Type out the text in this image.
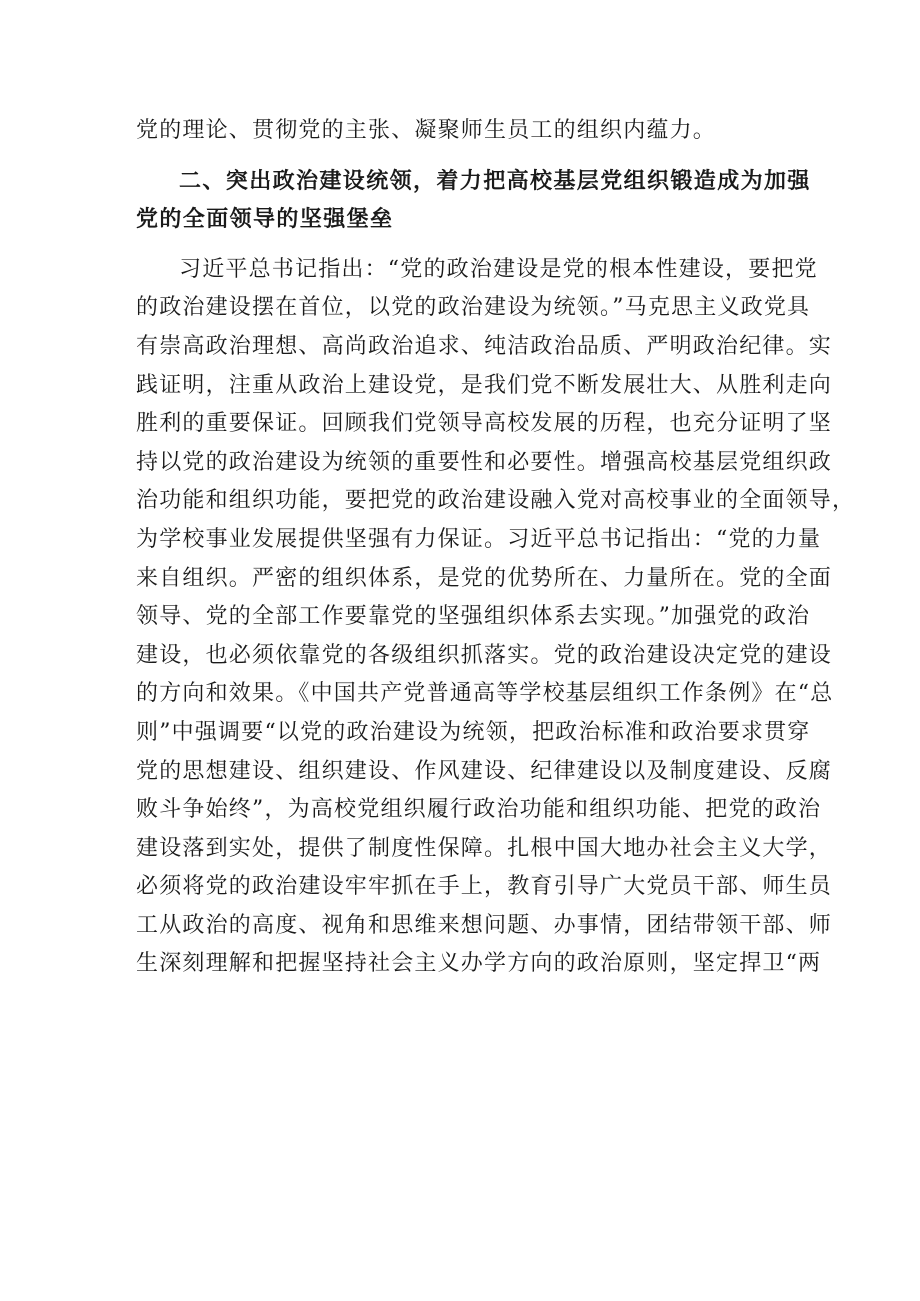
党的理论、贯彻党的主张、凝聚师生员工的组织内蕴力。
二、突出政治建设统领，着力把高校基层党组织锻造成为加强
党的全面领导的坚强堡垒
习近平总书记指出：“党的政治建设是党的根本性建设，要把党
的政治建设摆在首位，以党的政治建设为统领。”马克思主义政党具
有崇高政治理想、高尚政治追求、纯洁政治品质、严明政治纪律。实
践证明，注重从政治上建设党，是我们党不断发展壮大、从胜利走向
胜利的重要保证。回顾我们党领导高校发展的历程，也充分证明了坚
持以党的政治建设为统领的重要性和必要性。增强高校基层党组织政
治功能和组织功能，要把党的政治建设融入党对高校事业的全面领导，
为学校事业发展提供坚强有力保证。习近平总书记指出：“党的力量
来自组织。严密的组织体系，是党的优势所在、力量所在。党的全面
领导、党的全部工作要靠党的坚强组织体系去实现。”加强党的政治
建设，也必须依靠党的各级组织抓落实。党的政治建设决定党的建设
的方向和效果。《中国共产党普通高等学校基层组织工作条例》在“总
则”中强调要“以党的政治建设为统领，把政治标准和政治要求贯穿
党的思想建设、组织建设、作风建设、纪律建设以及制度建设、反腐
败斗争始终”，为高校党组织履行政治功能和组织功能、把党的政治
建设落到实处，提供了制度性保障。扎根中国大地办社会主义大学，
必须将党的政治建设牢牢抓在手上，教育引导广大党员干部、师生员
工从政治的高度、视角和思维来想问题、办事情，团结带领干部、师
生深刻理解和把握坚持社会主义办学方向的政治原则，坚定捍卫“两
